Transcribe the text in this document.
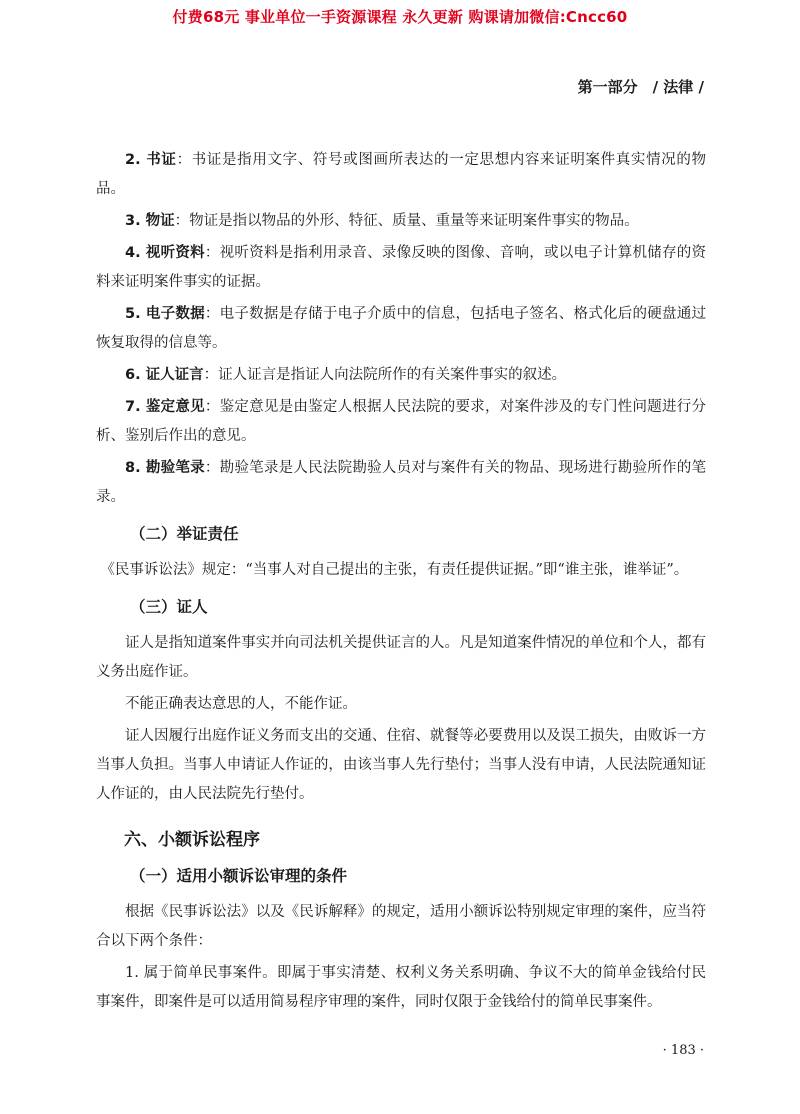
付费68元 事业单位一手资源课程 永久更新 购课请加微信:Cncc60
第一部分　/ 法律 /

2. 书证：书证是指用文字、符号或图画所表达的一定思想内容来证明案件真实情况的物品。

3. 物证：物证是指以物品的外形、特征、质量、重量等来证明案件事实的物品。

4. 视听资料：视听资料是指利用录音、录像反映的图像、音响，或以电子计算机储存的资料来证明案件事实的证据。

5. 电子数据：电子数据是存储于电子介质中的信息，包括电子签名、格式化后的硬盘通过恢复取得的信息等。

6. 证人证言：证人证言是指证人向法院所作的有关案件事实的叙述。

7. 鉴定意见：鉴定意见是由鉴定人根据人民法院的要求，对案件涉及的专门性问题进行分析、鉴别后作出的意见。

8. 勘验笔录：勘验笔录是人民法院勘验人员对与案件有关的物品、现场进行勘验所作的笔录。

（二）举证责任

《民事诉讼法》规定：“当事人对自己提出的主张，有责任提供证据。”即“谁主张，谁举证”。

（三）证人

证人是指知道案件事实并向司法机关提供证言的人。凡是知道案件情况的单位和个人，都有义务出庭作证。

不能正确表达意思的人，不能作证。

证人因履行出庭作证义务而支出的交通、住宿、就餐等必要费用以及误工损失，由败诉一方当事人负担。当事人申请证人作证的，由该当事人先行垫付；当事人没有申请，人民法院通知证人作证的，由人民法院先行垫付。

六、小额诉讼程序
（一）适用小额诉讼审理的条件

根据《民事诉讼法》以及《民诉解释》的规定，适用小额诉讼特别规定审理的案件，应当符合以下两个条件：

1. 属于简单民事案件。即属于事实清楚、权利义务关系明确、争议不大的简单金钱给付民事案件，即案件是可以适用简易程序审理的案件，同时仅限于金钱给付的简单民事案件。

· 183 ·
